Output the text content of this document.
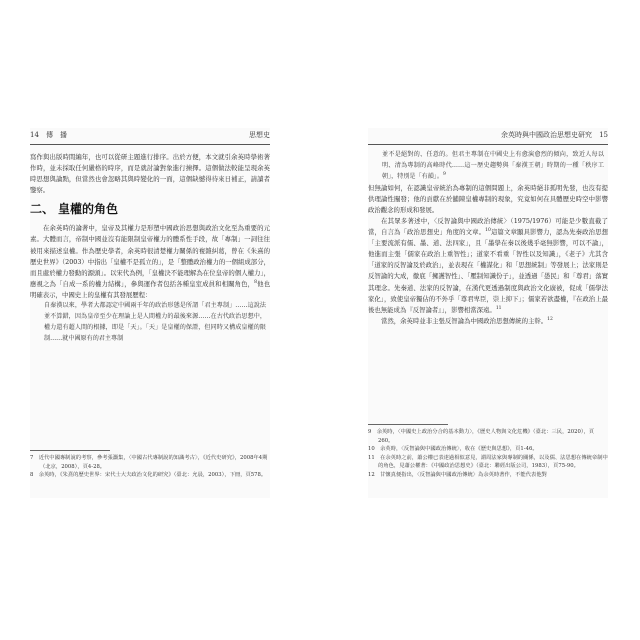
14 傳　播	思想史

寫作與出版時間編年，也可以從研主題進行排序。出於方便，本文就引余英時學術著作時，並未採取任何嚴格的時序，而是就討論對象進行揀擇。這個做法較能呈現余英時思想與論點，但當然也會忽略其與時變化的一面，這個缺憾得待來日補正，請讀者鑒察。

二、 皇權的角色

在余英時的論著中，皇帝及其權力是形塑中國政治思想與政治文化至為重要的元素。大體而言，帝制中國並沒有能限制皇帝權力的體系性手段，故「專制」一詞往往被用來描述皇權。作為歷史學者，余英時很清楚權力關係的複雜糾葛，曾在《朱熹的歷史世界》（2003）中指出「皇權不是孤立的」，是「整體政治權力的一個組成部分，而且處於權力發動的源頭」。以宋代為例，「皇權決不能理解為在位皇帝的個人權力」，應視之為「自成一系的權力結構」，參與運作者包括各種皇室成員和相關角色，$^8$他也明確表示，中國史上的皇權有其發展歷程：

自秦漢以來，學者大都認定中國兩千年的政治形態是所謂「君主專制」……這說法並不算錯，因為皇帝至少在理論上是人間權力的最後來源……在古代政治思想中，權力還有超人間的根據，即是「天」。「天」是皇權的保證，但同時又構成皇權的限制……就中國原有的君主專制

7　 近代中國專制說的考察，參考張灝集，〈中國古代專制說的知識考古〉，《近代史研究》，2008年4期（北京，2008），頁4-28。

8　 余英時，《朱熹的歷史世界：宋代士大夫政治文化的研究》（臺北：允晨，2003），下冊，頁578。

余英時與中國政治思想史研究 15

並不是絕對的、任意的。但君主專制在中國史上有愈演愈烈的傾向，致近人每以明、清為專制的高峰時代……這一歷史趨勢與「秦漢王朝」時期的一種「秩序工朝」，特別是「有韻」。$^9$

但無論如何，在認識皇帝統治為專制的這個問題上，余英時絕非孤明先發，也沒有提供理論性闡發；他的貢獻在於舖陳皇權專制的現象，究竟如何在具體歷史時空中影響政治觀念的形成和發展。

在其眾多著述中，〈反智論與中國政治傳統〉（1975/1976）可能是少數直截了當，自言為「政治思想史」角度的文章。$^{10}$這篇文章顯具影響力，認為先秦政治思想「主要流派有儒、墨、道、法四家」，且「墨學在秦以後幾乎毫無影響，可以不論」，他進而主張「儒家在政治上重智性」；道家不看重「智性以及知識」，《老子》尤其含「道家的反智論及於政治」，並表現在「權謀化」和「思想統制」等發展上；法家則是反智論的大成，徹底「擁護智性」、「壓制知識份子」，並透過「愚民」和「尊君」落實其理念。先秦道、法家的反智論，在漢代更透過制度與政治文化廣被，促成「儒學法家化」，致使皇帝獨佔的不外乎「尊君卑臣，崇上抑下」；儒家若欲盡權，『在政治上最後也無能成為『反智論者』」，影響相當深遠。$^{11}$

當然，余英時並非主張反智論為中國政治思想傳統的主幹。$^{12}$

9　 余英時，〈中國史上政治分合的基本動力〉，《歷史人物與文化危機》（臺北：三民，2020），頁260。

10　 余英時，〈反智論與中國政治傳統〉，收在《歷史與思想》，頁1-46。

11　 在余英時之前，蕭公權已表達過相似意見，謂周法家與專制的關係，以及儒、法思想在傳統帝制中的角色，見蕭公權著：《中國政治思想史》（臺北：聯經出版公司，1983），頁75-90。

12　 甘懷真便指出，〈反智論與中國政治傳統〉為余英時著作，不能代表他對
